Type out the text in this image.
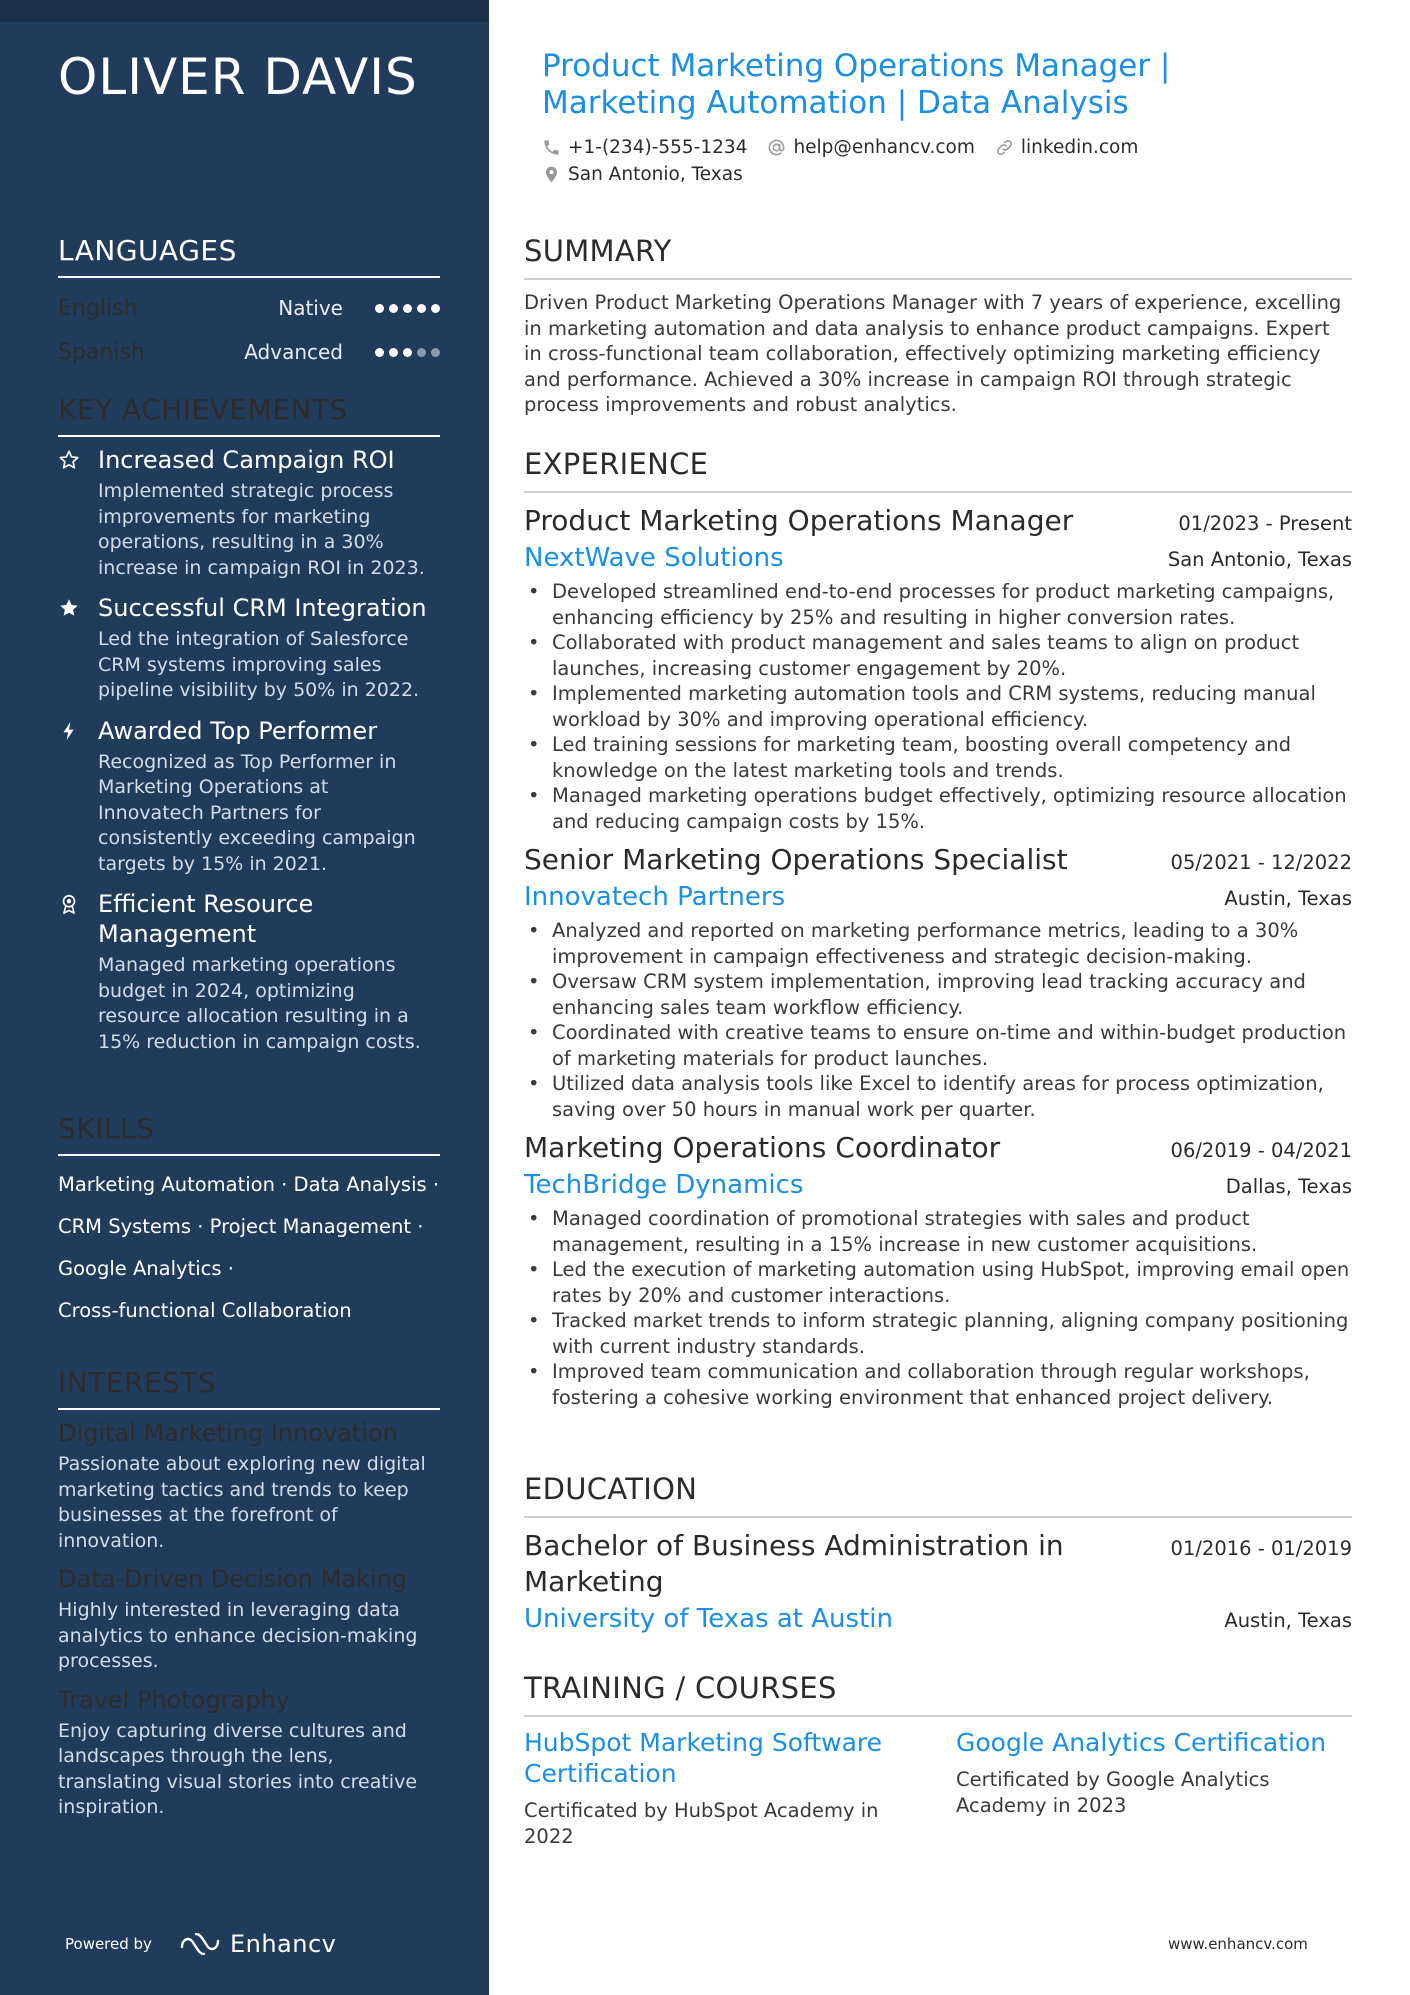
OLIVER DAVIS
LANGUAGES
English	Native
Spanish	Advanced
KEY ACHIEVEMENTS
Increased Campaign ROI
Implemented strategic process improvements for marketing operations, resulting in a 30% increase in campaign ROI in 2023.
Successful CRM Integration
Led the integration of Salesforce CRM systems improving sales pipeline visibility by 50% in 2022.
Awarded Top Performer
Recognized as Top Performer in Marketing Operations at Innovatech Partners for consistently exceeding campaign targets by 15% in 2021.
Efficient Resource Management
Managed marketing operations budget in 2024, optimizing resource allocation resulting in a 15% reduction in campaign costs.
SKILLS
Marketing Automation · Data Analysis ·
CRM Systems · Project Management ·
Google Analytics ·
Cross-functional Collaboration
INTERESTS
Digital Marketing Innovation
Passionate about exploring new digital marketing tactics and trends to keep businesses at the forefront of innovation.
Data-Driven Decision Making
Highly interested in leveraging data analytics to enhance decision-making processes.
Travel Photography
Enjoy capturing diverse cultures and landscapes through the lens, translating visual stories into creative inspiration.
Powered by	Enhancv
Product Marketing Operations Manager | Marketing Automation | Data Analysis
+1-(234)-555-1234 help@enhancv.com linkedin.com
San Antonio, Texas
SUMMARY
Driven Product Marketing Operations Manager with 7 years of experience, excelling in marketing automation and data analysis to enhance product campaigns. Expert in cross-functional team collaboration, effectively optimizing marketing efficiency and performance. Achieved a 30% increase in campaign ROI through strategic process improvements and robust analytics.
EXPERIENCE
Product Marketing Operations Manager	01/2023 - Present
NextWave Solutions	San Antonio, Texas
• Developed streamlined end-to-end processes for product marketing campaigns, enhancing efficiency by 25% and resulting in higher conversion rates.
• Collaborated with product management and sales teams to align on product launches, increasing customer engagement by 20%.
• Implemented marketing automation tools and CRM systems, reducing manual workload by 30% and improving operational efficiency.
• Led training sessions for marketing team, boosting overall competency and knowledge on the latest marketing tools and trends.
• Managed marketing operations budget effectively, optimizing resource allocation and reducing campaign costs by 15%.
Senior Marketing Operations Specialist	05/2021 - 12/2022
Innovatech Partners	Austin, Texas
• Analyzed and reported on marketing performance metrics, leading to a 30% improvement in campaign effectiveness and strategic decision-making.
• Oversaw CRM system implementation, improving lead tracking accuracy and enhancing sales team workflow efficiency.
• Coordinated with creative teams to ensure on-time and within-budget production of marketing materials for product launches.
• Utilized data analysis tools like Excel to identify areas for process optimization, saving over 50 hours in manual work per quarter.
Marketing Operations Coordinator	06/2019 - 04/2021
TechBridge Dynamics	Dallas, Texas
• Managed coordination of promotional strategies with sales and product management, resulting in a 15% increase in new customer acquisitions.
• Led the execution of marketing automation using HubSpot, improving email open rates by 20% and customer interactions.
• Tracked market trends to inform strategic planning, aligning company positioning with current industry standards.
• Improved team communication and collaboration through regular workshops, fostering a cohesive working environment that enhanced project delivery.
EDUCATION
Bachelor of Business Administration in Marketing
01/2016 - 01/2019
University of Texas at Austin	Austin, Texas
TRAINING / COURSES
HubSpot Marketing Software Certification
Certificated by HubSpot Academy in 2022
Google Analytics Certification
Certificated by Google Analytics Academy in 2023
www.enhancv.com
